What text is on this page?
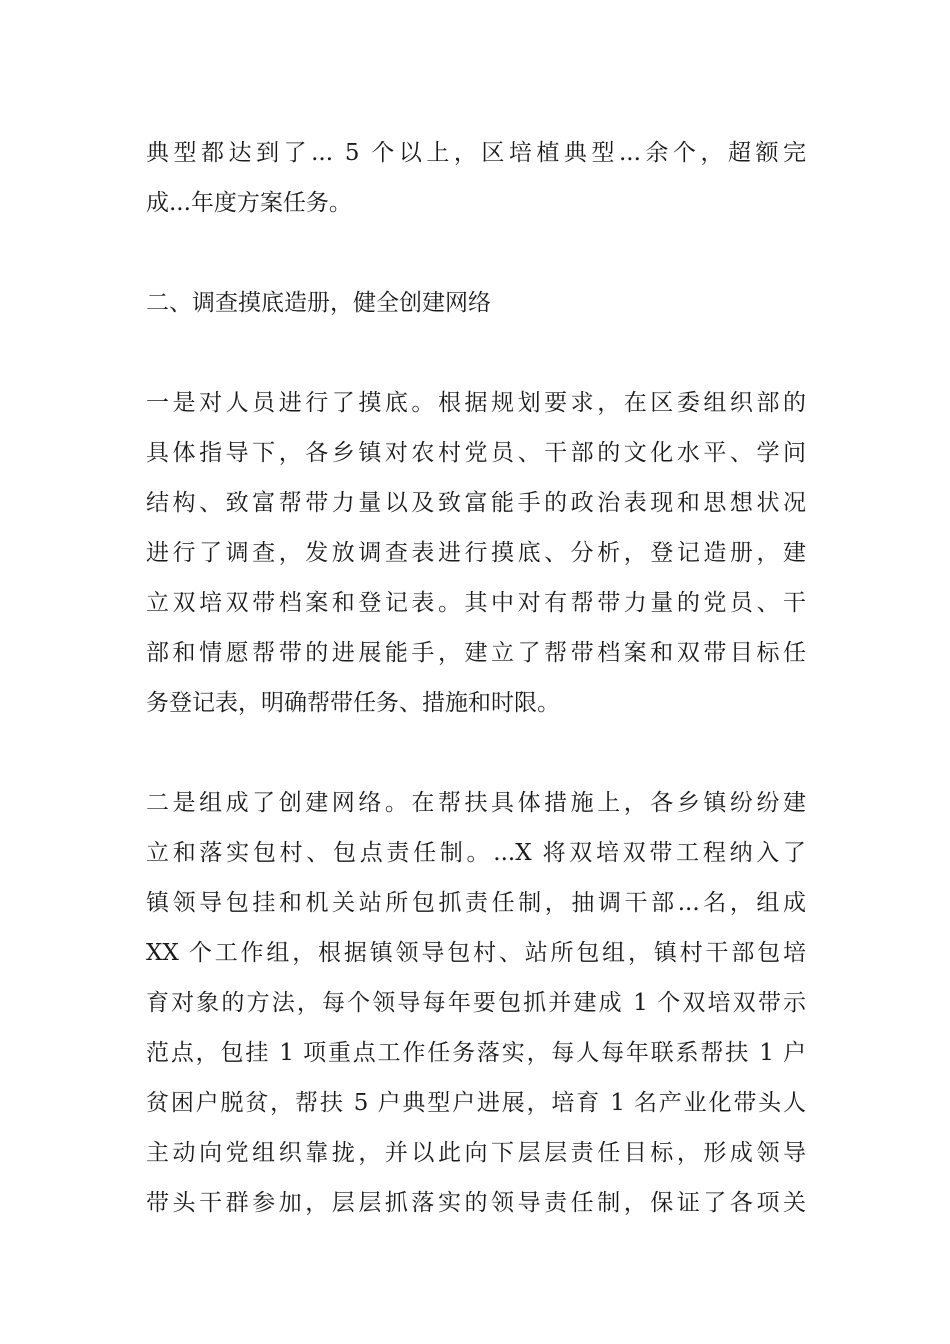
典型都达到了... 5 个以上，区培植典型...余个，超额完
成...年度方案任务。
二、调查摸底造册，健全创建网络
一是对人员进行了摸底。根据规划要求，在区委组织部的
具体指导下，各乡镇对农村党员、干部的文化水平、学问
结构、致富帮带力量以及致富能手的政治表现和思想状况
进行了调查，发放调查表进行摸底、分析，登记造册，建
立双培双带档案和登记表。其中对有帮带力量的党员、干
部和情愿帮带的进展能手，建立了帮带档案和双带目标任
务登记表，明确帮带任务、措施和时限。
二是组成了创建网络。在帮扶具体措施上，各乡镇纷纷建
立和落实包村、包点责任制。...X 将双培双带工程纳入了
镇领导包挂和机关站所包抓责任制，抽调干部...名，组成
XX 个工作组，根据镇领导包村、站所包组，镇村干部包培
育对象的方法，每个领导每年要包抓并建成 1 个双培双带示
范点，包挂 1 项重点工作任务落实，每人每年联系帮扶 1 户
贫困户脱贫，帮扶 5 户典型户进展，培育 1 名产业化带头人
主动向党组织靠拢，并以此向下层层责任目标，形成领导
带头干群参加，层层抓落实的领导责任制，保证了各项关
